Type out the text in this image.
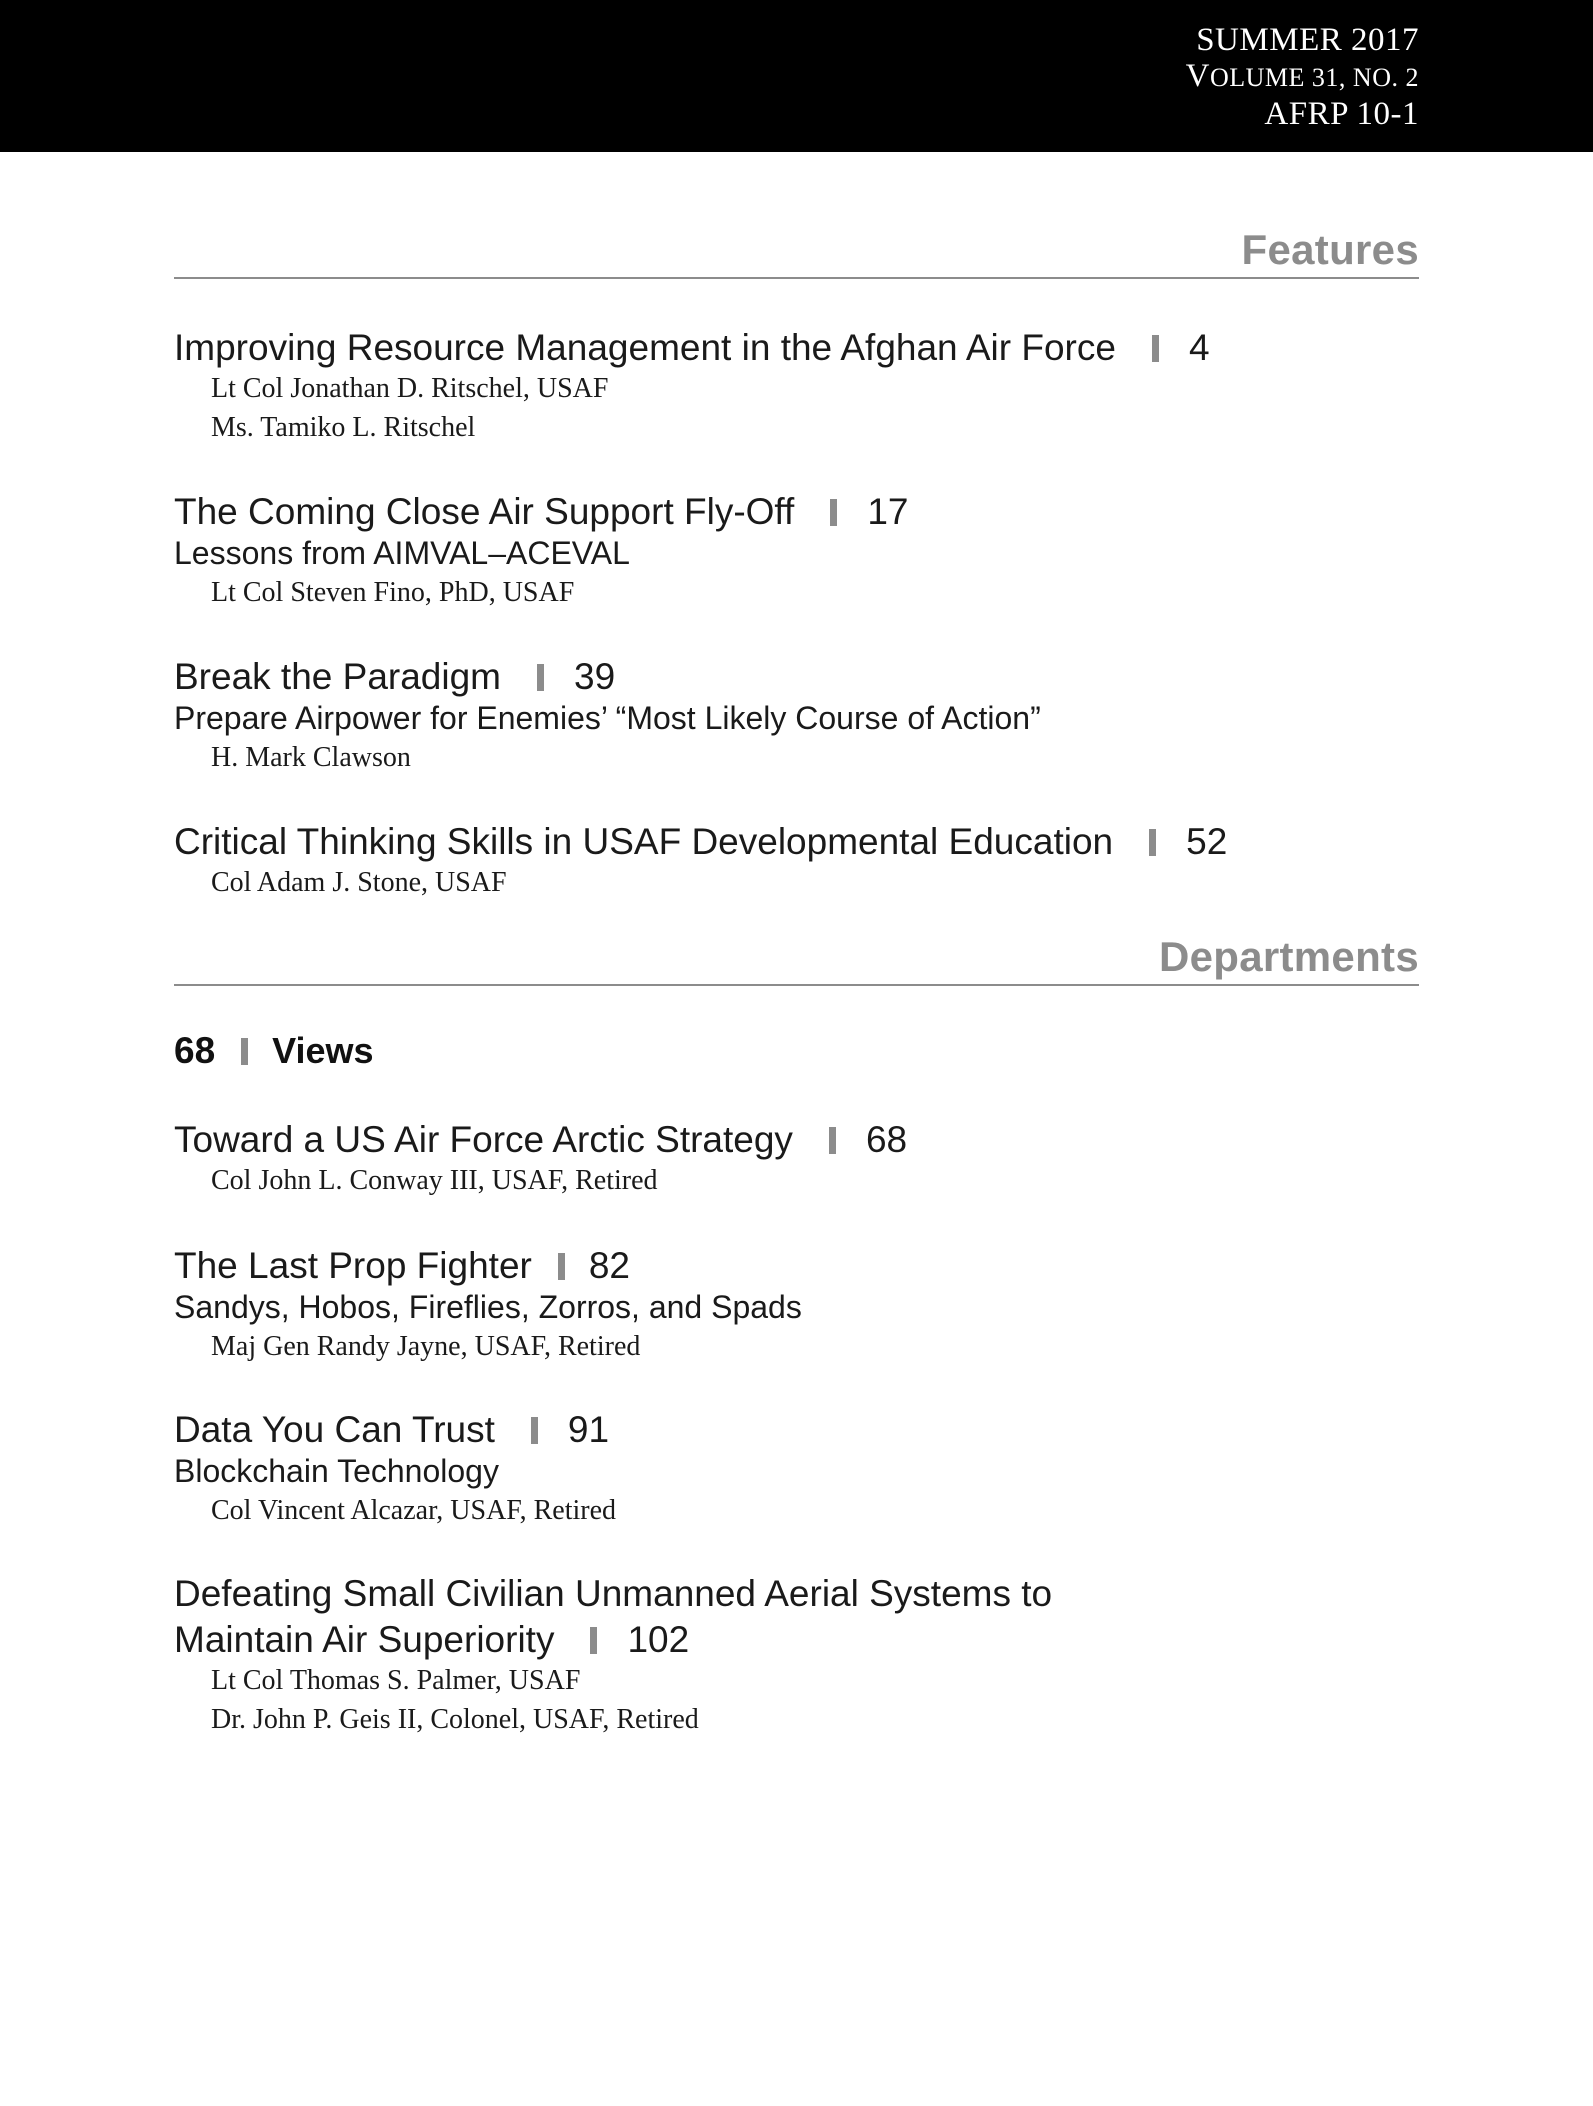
SUMMER 2017
VOLUME 31, NO. 2
AFRP 10-1
Features
Improving Resource Management in the Afghan Air Force 4
Lt Col Jonathan D. Ritschel, USAF
Ms. Tamiko L. Ritschel
The Coming Close Air Support Fly-Off 17
Lessons from AIMVAL–ACEVAL
Lt Col Steven Fino, PhD, USAF
Break the Paradigm 39
Prepare Airpower for Enemies’ “Most Likely Course of Action”
H. Mark Clawson
Critical Thinking Skills in USAF Developmental Education 52
Col Adam J. Stone, USAF
Departments
68 Views
Toward a US Air Force Arctic Strategy 68
Col John L. Conway III, USAF, Retired
The Last Prop Fighter 82
Sandys, Hobos, Fireflies, Zorros, and Spads
Maj Gen Randy Jayne, USAF, Retired
Data You Can Trust 91
Blockchain Technology
Col Vincent Alcazar, USAF, Retired
Defeating Small Civilian Unmanned Aerial Systems to
Maintain Air Superiority 102
Lt Col Thomas S. Palmer, USAF
Dr. John P. Geis II, Colonel, USAF, Retired
